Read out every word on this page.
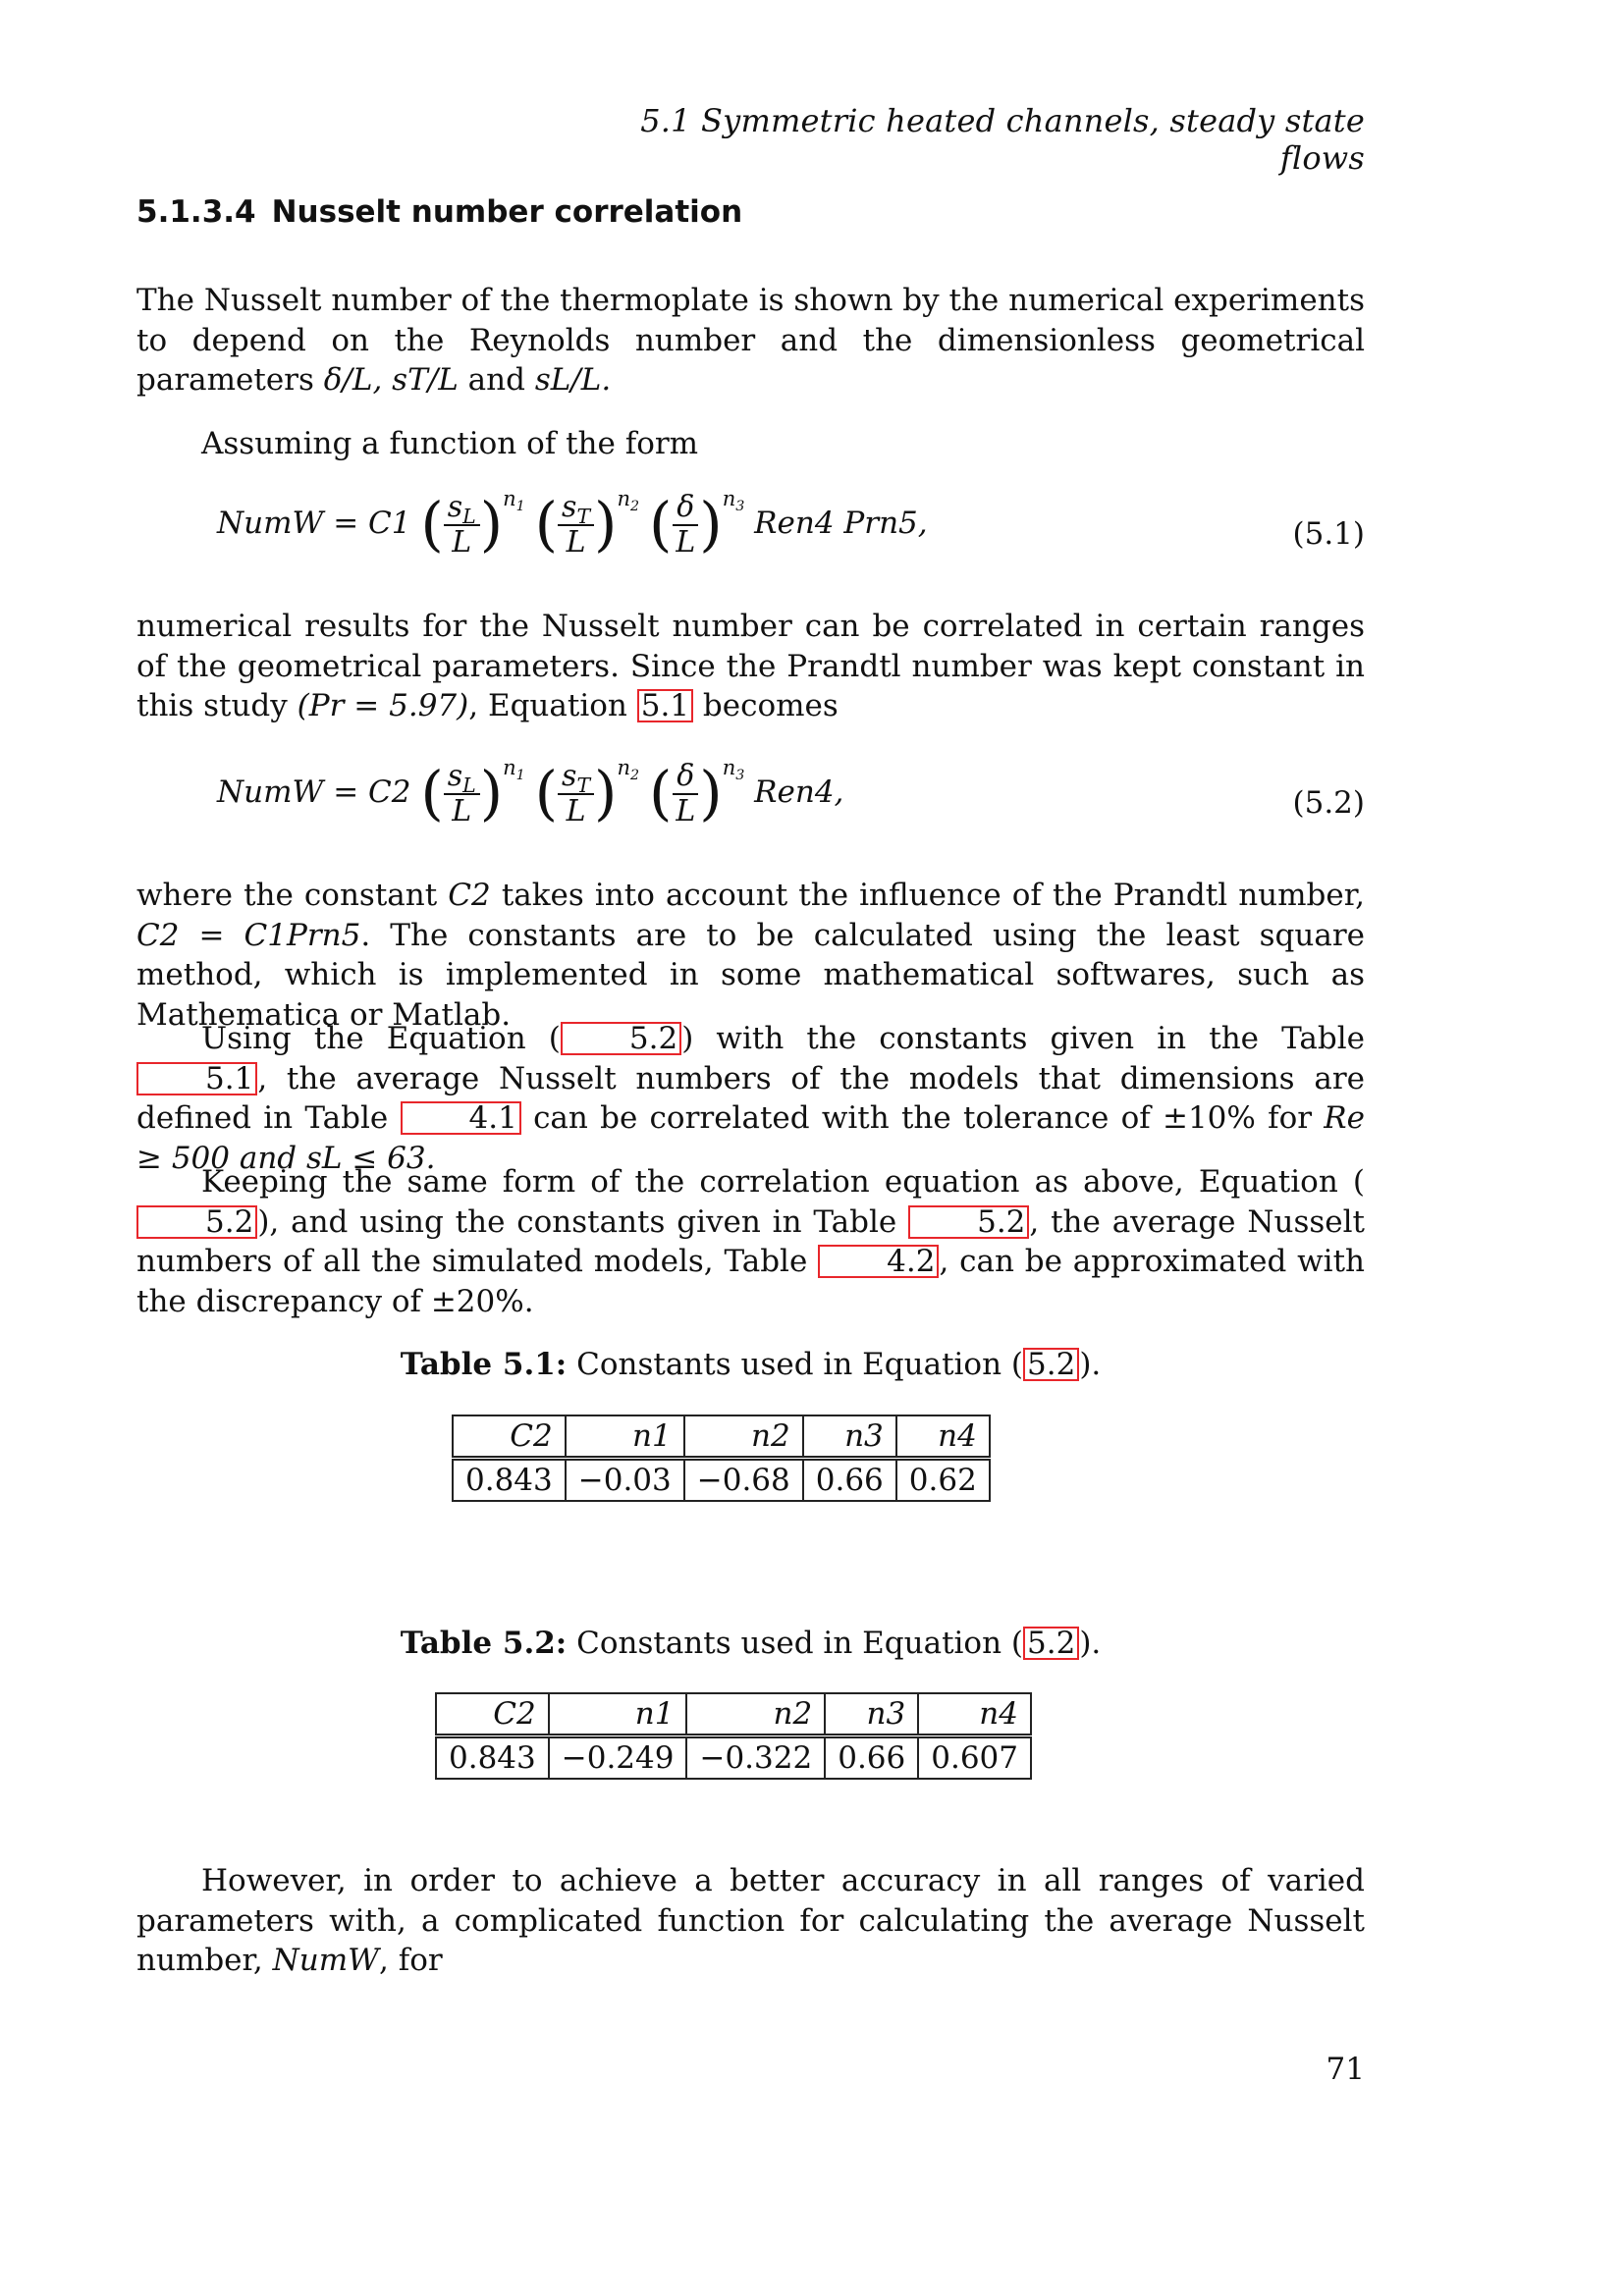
5.1 Symmetric heated channels, steady state flows
5.1.3.4 Nusselt number correlation
The Nusselt number of the thermoplate is shown by the numerical experiments to depend on the Reynolds number and the dimensionless geometrical parameters δ/L, sT/L and sL/L.
Assuming a function of the form
NumW = C1 ( $\frac{s_L}{L} )^{n_1}$ ( $\frac{s_T}{L} )^{n_2}$ ( $\frac{\delta}{L} )^{n_3}$ Ren4 Prn5,	(5.1)
numerical results for the Nusselt number can be correlated in certain ranges of the geometrical parameters. Since the Prandtl number was kept constant in this study (Pr = 5.97), Equation 5.1 becomes
NumW = C2 ( $\frac{s_L}{L} )^{n_1}$ ( $\frac{s_T}{L} )^{n_2}$ ( $\frac{\delta}{L} )^{n_3}$ Ren4,	(5.2)
where the constant C2 takes into account the influence of the Prandtl number, C2 = C1Prn5. The constants are to be calculated using the least square method, which is implemented in some mathematical softwares, such as Mathematica or Matlab.
Using the Equation ( 5.2 ) with the constants given in the Table 5.1 , the average Nusselt numbers of the models that dimensions are defined in Table	4.1 can be correlated with the tolerance of ±10% for Re ≥ 500 and sL ≤ 63.
Keeping the same form of the correlation equation as above, Equation (5.2 ), and using the constants given in Table	5.2 , the average Nusselt numbers of all the simulated models, Table	4.2 , can be approximated with the discrepancy of ±20%.
Table 5.1: Constants used in Equation ( 5.2 ).
C2	n1	n2	n3	n4
0.843	−0.03	−0.68	0.66	0.62
Table 5.2: Constants used in Equation ( 5.2 ).
C2	n1	n2	n3	n4
0.843	−0.249	−0.322	0.66	0.607
However, in order to achieve a better accuracy in all ranges of varied parameters with, a complicated function for calculating the average Nusselt number, NumW, for
71
